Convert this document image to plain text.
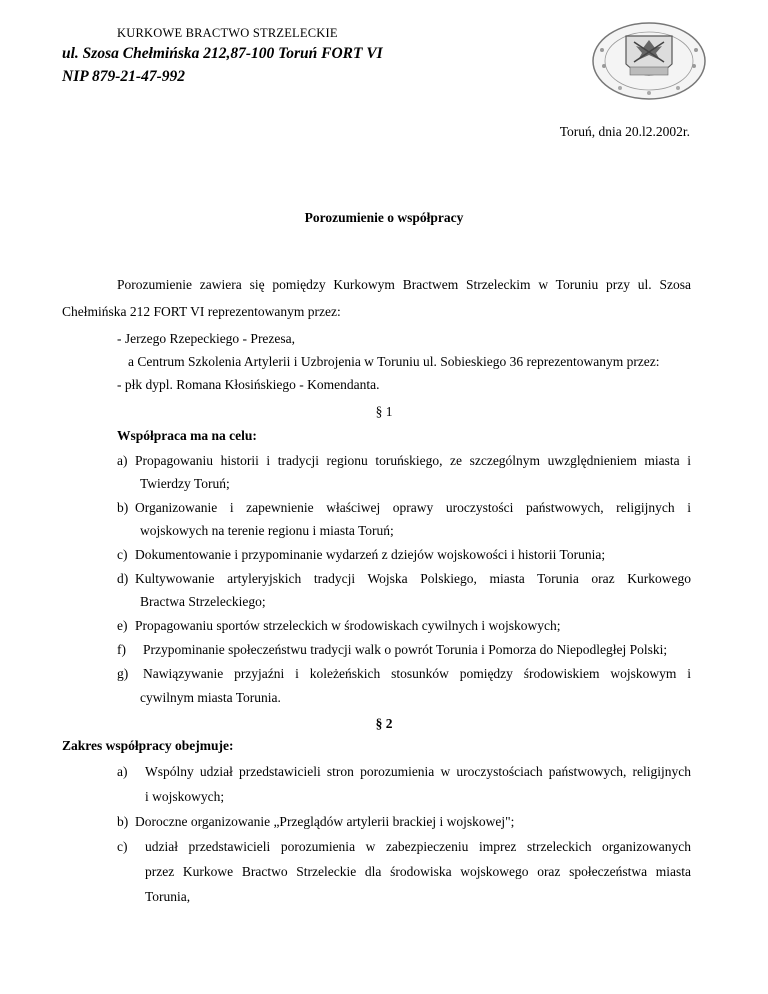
KURKOWE BRACTWO STRZELECKIE
ul. Szosa Chełmińska 212,87-100 Toruń FORT VI
NIP 879-21-47-992
Toruń, dnia 20.l2.2002r.
Porozumienie o współpracy
Porozumienie zawiera się pomiędzy Kurkowym Bractwem Strzeleckim w Toruniu przy ul. Szosa
Chełmińska 212 FORT VI reprezentowanym przez:
- Jerzego Rzepeckiego - Prezesa,
a Centrum Szkolenia Artylerii i Uzbrojenia w Toruniu ul. Sobieskiego 36 reprezentowanym przez:
- płk dypl. Romana Kłosińskiego - Komendanta.
§ 1
Współpraca ma na celu:
a) Propagowaniu historii i tradycji regionu toruńskiego, ze szczególnym uwzględnieniem miasta i
Twierdzy Toruń;
b) Organizowanie i zapewnienie właściwej oprawy uroczystości państwowych, religijnych i
wojskowych na terenie regionu i miasta Toruń;
c) Dokumentowanie i przypominanie wydarzeń z dziejów wojskowości i historii Torunia;
d) Kultywowanie artyleryjskich tradycji Wojska Polskiego, miasta Torunia oraz Kurkowego
Bractwa Strzeleckiego;
e) Propagowaniu sportów strzeleckich w środowiskach cywilnych i wojskowych;
f) Przypominanie społeczeństwu tradycji walk o powrót Torunia i Pomorza do Niepodległej Polski;
g) Nawiązywanie przyjaźni i koleżeńskich stosunków pomiędzy środowiskiem wojskowym i
cywilnym miasta Torunia.
§ 2
Zakres współpracy obejmuje:
a) Wspólny udział przedstawicieli stron porozumienia w uroczystościach państwowych, religijnych
i wojskowych;
b) Doroczne organizowanie „Przeglądów artylerii brackiej i wojskowej";
c) udział przedstawicieli porozumienia w zabezpieczeniu imprez strzeleckich organizowanych
przez Kurkowe Bractwo Strzeleckie dla środowiska wojskowego oraz społeczeństwa miasta
Torunia,
